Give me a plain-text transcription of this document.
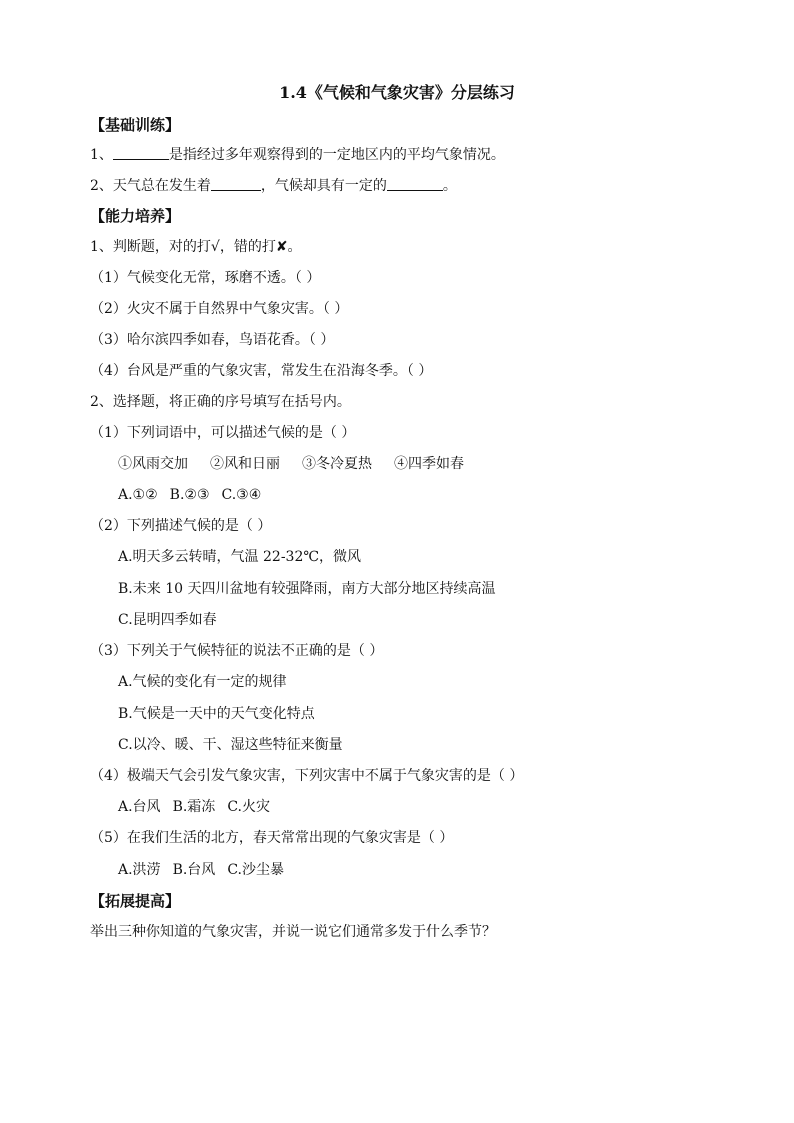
1.4《气候和气象灾害》分层练习
【基础训练】
1、	是指经过多年观察得到的一定地区内的平均气象情况。
2、天气总在发生着	，气候却具有一定的	。
【能力培养】
1、判断题，对的打√，错的打✘。
（1）气候变化无常，琢磨不透。（ ）
（2）火灾不属于自然界中气象灾害。（ ）
（3）哈尔滨四季如春，鸟语花香。（ ）
（4）台风是严重的气象灾害，常发生在沿海冬季。（ ）
2、选择题，将正确的序号填写在括号内。
（1）下列词语中，可以描述气候的是（ ）
①风雨交加 ②风和日丽 ③冬冷夏热 ④四季如春
A.①② B.②③ C.③④
（2）下列描述气候的是（ ）
A.明天多云转晴，气温 22-32℃，微风
B.未来 10 天四川盆地有较强降雨，南方大部分地区持续高温
C.昆明四季如春
（3）下列关于气候特征的说法不正确的是（ ）
A.气候的变化有一定的规律
B.气候是一天中的天气变化特点
C.以冷、暖、干、湿这些特征来衡量
（4）极端天气会引发气象灾害，下列灾害中不属于气象灾害的是（ ）
A.台风 B.霜冻 C.火灾
（5）在我们生活的北方，春天常常出现的气象灾害是（ ）
A.洪涝 B.台风 C.沙尘暴
【拓展提高】
举出三种你知道的气象灾害，并说一说它们通常多发于什么季节？
